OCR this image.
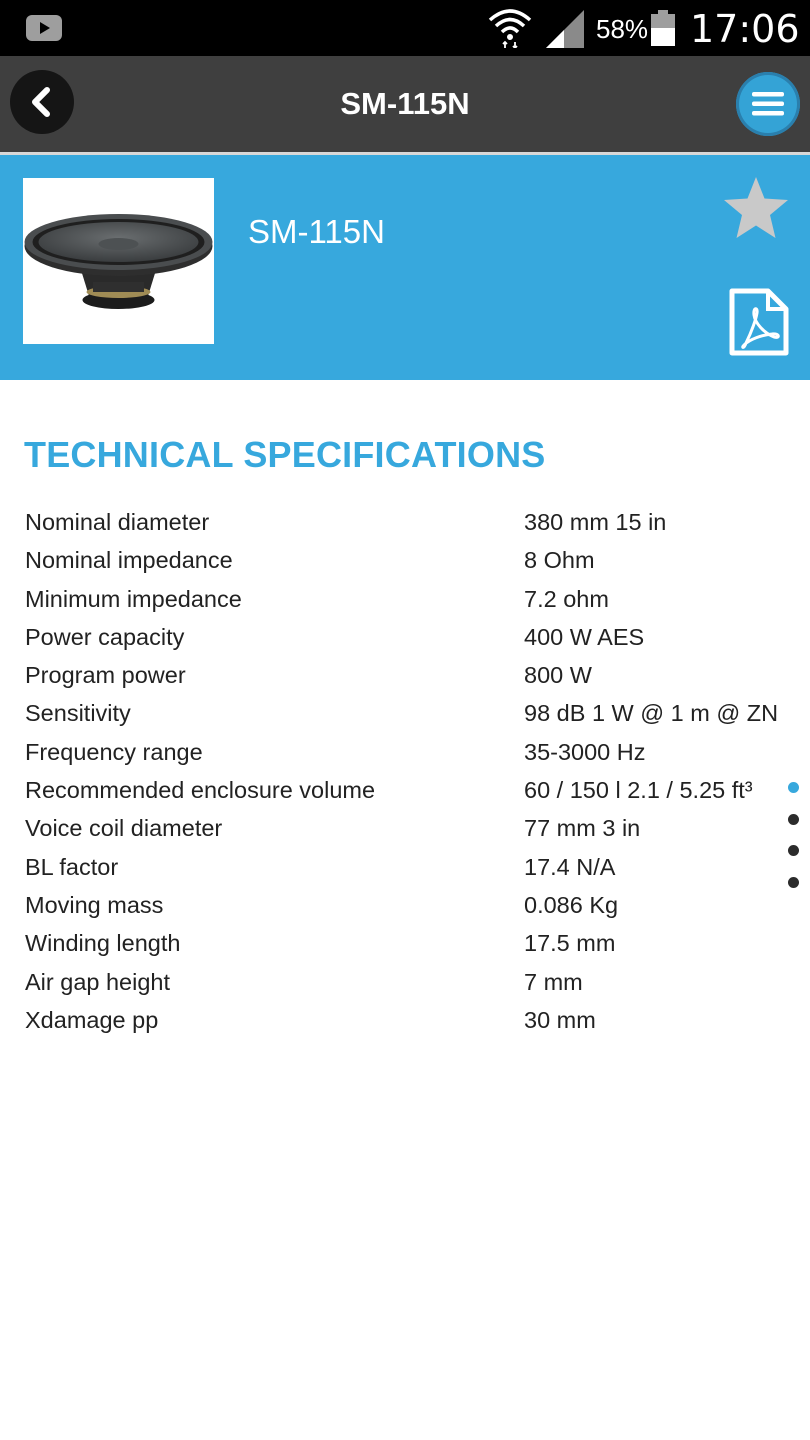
58% 17:06
SM-115N
SM-115N
TECHNICAL SPECIFICATIONS
Nominal diameter	380 mm 15 in
Nominal impedance	8 Ohm
Minimum impedance	7.2 ohm
Power capacity	400 W AES
Program power	800 W
Sensitivity	98 dB 1 W @ 1 m @ ZN
Frequency range	35-3000 Hz
Recommended enclosure volume	60 / 150 l 2.1 / 5.25 ft³
Voice coil diameter	77 mm 3 in
BL factor	17.4 N/A
Moving mass	0.086 Kg
Winding length	17.5 mm
Air gap height	7 mm
Xdamage pp	30 mm
